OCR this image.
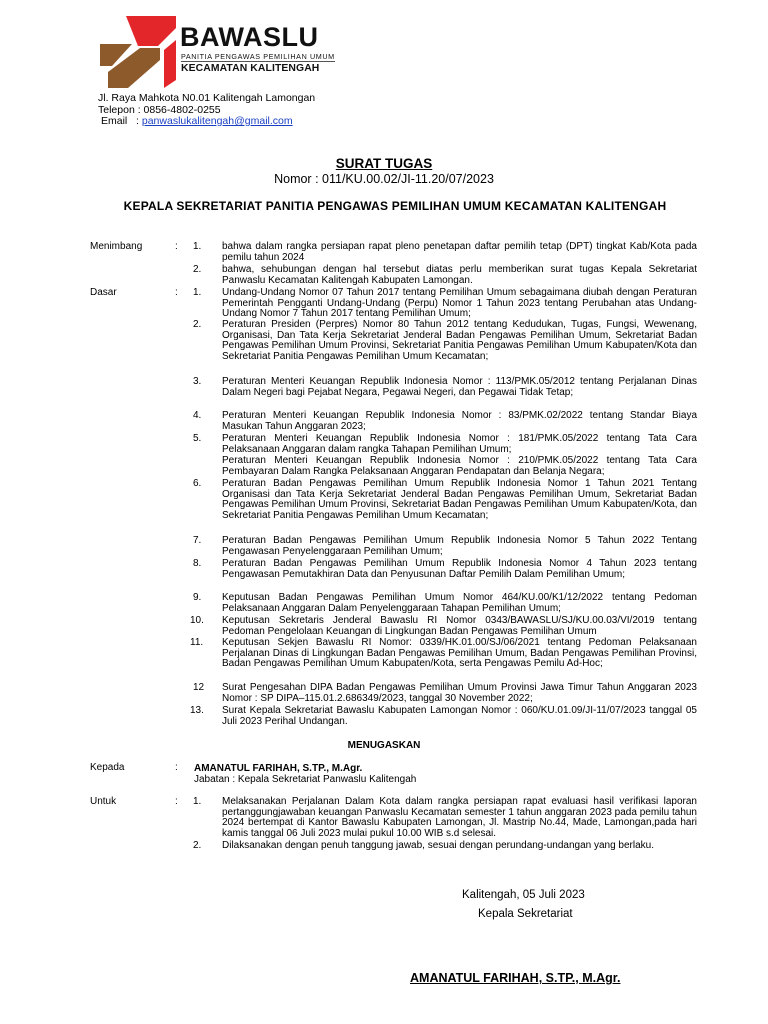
BAWASLU
PANITIA PENGAWAS PEMILIHAN UMUM
KECAMATAN KALITENGAH
Jl. Raya Mahkota N0.01 Kalitengah Lamongan
Telepon : 0856-4802-0255
Email : panwaslukalitengah@gmail.com
SURAT TUGAS
Nomor : 011/KU.00.02/JI-11.20/07/2023
KEPALA SEKRETARIAT PANITIA PENGAWAS PEMILIHAN UMUM KECAMATAN KALITENGAH
Menimbang	: 1. bahwa dalam rangka persiapan rapat pleno penetapan daftar pemilih tetap (DPT) tingkat Kab/Kota pada pemilu tahun 2024
2. bahwa, sehubungan dengan hal tersebut diatas perlu memberikan surat tugas Kepala Sekretariat Panwaslu Kecamatan Kalitengah Kabupaten Lamongan.
Dasar	: 1. Undang-Undang Nomor 07 Tahun 2017 tentang Pemilihan Umum sebagaimana diubah dengan Peraturan Pemerintah Pengganti Undang-Undang (Perpu) Nomor 1 Tahun 2023 tentang Perubahan atas Undang-Undang Nomor 7 Tahun 2017 tentang Pemilihan Umum;
2. Peraturan Presiden (Perpres) Nomor 80 Tahun 2012 tentang Kedudukan, Tugas, Fungsi, Wewenang, Organisasi, Dan Tata Kerja Sekretariat Jenderal Badan Pengawas Pemilihan Umum, Sekretariat Badan Pengawas Pemilihan Umum Provinsi, Sekretariat Panitia Pengawas Pemilihan Umum Kabupaten/Kota dan Sekretariat Panitia Pengawas Pemilihan Umum Kecamatan;
3. Peraturan Menteri Keuangan Republik Indonesia Nomor : 113/PMK.05/2012 tentang Perjalanan Dinas Dalam Negeri bagi Pejabat Negara, Pegawai Negeri, dan Pegawai Tidak Tetap;
4. Peraturan Menteri Keuangan Republik Indonesia Nomor : 83/PMK.02/2022 tentang Standar Biaya Masukan Tahun Anggaran 2023;
5. Peraturan Menteri Keuangan Republik Indonesia Nomor : 181/PMK.05/2022 tentang Tata Cara Pelaksanaan Anggaran dalam rangka Tahapan Pemilihan Umum;
Peraturan Menteri Keuangan Republik Indonesia Nomor : 210/PMK.05/2022 tentang Tata Cara Pembayaran Dalam Rangka Pelaksanaan Anggaran Pendapatan dan Belanja Negara;
6. Peraturan Badan Pengawas Pemilihan Umum Republik Indonesia Nomor 1 Tahun 2021 Tentang Organisasi dan Tata Kerja Sekretariat Jenderal Badan Pengawas Pemilihan Umum, Sekretariat Badan Pengawas Pemilihan Umum Provinsi, Sekretariat Badan Pengawas Pemilihan Umum Kabupaten/Kota, dan Sekretariat Panitia Pengawas Pemilihan Umum Kecamatan;
7. Peraturan Badan Pengawas Pemilihan Umum Republik Indonesia Nomor 5 Tahun 2022 Tentang Pengawasan Penyelenggaraan Pemilihan Umum;
8. Peraturan Badan Pengawas Pemilihan Umum Republik Indonesia Nomor 4 Tahun 2023 tentang Pengawasan Pemutakhiran Data dan Penyusunan Daftar Pemilih Dalam Pemilihan Umum;
9. Keputusan Badan Pengawas Pemilihan Umum Nomor 464/KU.00/K1/12/2022 tentang Pedoman Pelaksanaan Anggaran Dalam Penyelenggaraan Tahapan Pemilihan Umum;
10. Keputusan Sekretaris Jenderal Bawaslu RI Nomor 0343/BAWASLU/SJ/KU.00.03/VI/2019 tentang Pedoman Pengelolaan Keuangan di Lingkungan Badan Pengawas Pemilihan Umum
11. Keputusan Sekjen Bawaslu RI Nomor: 0339/HK.01.00/SJ/06/2021 tentang Pedoman Pelaksanaan Perjalanan Dinas di Lingkungan Badan Pengawas Pemilihan Umum, Badan Pengawas Pemilihan Provinsi, Badan Pengawas Pemilihan Umum Kabupaten/Kota, serta Pengawas Pemilu Ad-Hoc;
12 Surat Pengesahan DIPA Badan Pengawas Pemilihan Umum Provinsi Jawa Timur Tahun Anggaran 2023 Nomor : SP DIPA–115.01.2.686349/2023, tanggal 30 November 2022;
13. Surat Kepala Sekretariat Bawaslu Kabupaten Lamongan Nomor : 060/KU.01.09/JI-11/07/2023 tanggal 05 Juli 2023 Perihal Undangan.
MENUGASKAN
Kepada	: AMANATUL FARIHAH, S.TP., M.Agr.
Jabatan : Kepala Sekretariat Panwaslu Kalitengah
Untuk	: 1. Melaksanakan Perjalanan Dalam Kota dalam rangka persiapan rapat evaluasi hasil verifikasi laporan pertanggungjawaban keuangan Panwaslu Kecamatan semester 1 tahun anggaran 2023 pada pemilu tahun 2024 bertempat di Kantor Bawaslu Kabupaten Lamongan, Jl. Mastrip No.44, Made, Lamongan,pada hari kamis tanggal 06 Juli 2023 mulai pukul 10.00 WIB s.d selesai.
2. Dilaksanakan dengan penuh tanggung jawab, sesuai dengan perundang-undangan yang berlaku.
Kalitengah, 05 Juli 2023
Kepala Sekretariat
AMANATUL FARIHAH, S.TP., M.Agr.
